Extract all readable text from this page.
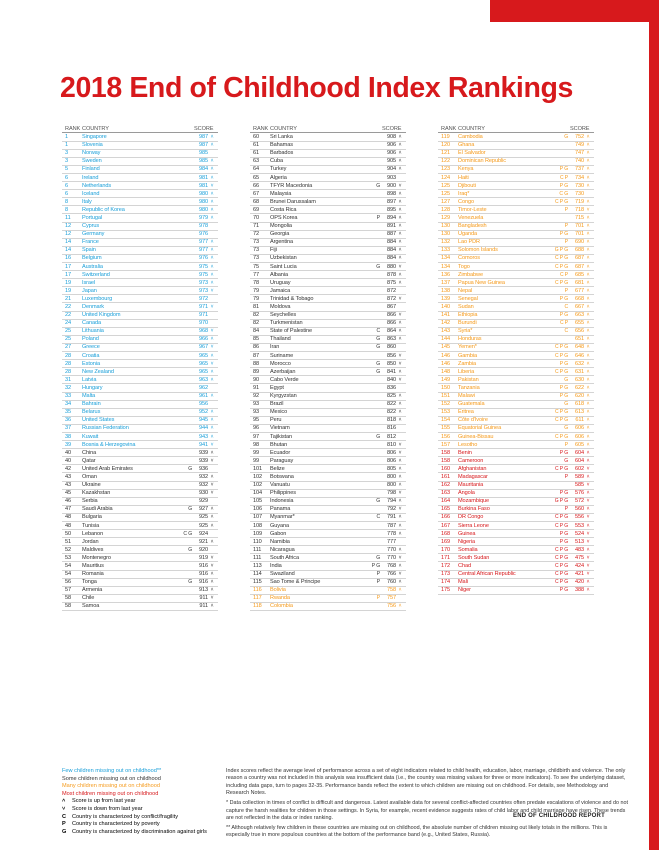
2018 End of Childhood Index Rankings
RANK COUNTRY	SCORE
1	Singapore	987 ˄
1	Slovenia	987 ˄
3	Norway	985
3	Sweden	985 ˄
5	Finland	984 ˄
6	Ireland	981 ˄
6	Netherlands	981 ˅
6	Iceland	980 ˄
8	Italy	980 ˄
8	Republic of Korea	980 ˄
11	Portugal	979 ˄
12	Cyprus	978
12	Germany	976
14	France	977 ˄
14	Spain	977 ˄
16	Belgium	976 ˄
17	Australia	975 ˄
17	Switzerland	975 ˄
19	Israel	973 ˄
19	Japan	973 ˅
21	Luxembourg	972
22	Denmark	971 ˅
22	United Kingdom	971
24	Canada	970
25	Lithuania	968 ˅
25	Poland	966 ˄
27	Greece	967 ˅
28	Croatia	965 ˄
28	Estonia	965 ˅
28	New Zealand	965 ˄
31	Latvia	963 ˄
32	Hungary	962
33	Malta	961 ˄
34	Bahrain	956
35	Belarus	952 ˄
36	United States	945 ˄
37	Russian Federation	944 ˄
38	Kuwait	943 ˄
39	Bosnia & Herzegovina	941 ˅
40	China	939 ˄
40	Qatar	939 ˅
42	United Arab Emirates	G	936
43	Oman	932 ˄
43	Ukraine	932 ˅
45	Kazakhstan	930 ˅
46	Serbia	929
47	Saudi Arabia	G	927 ˄
48	Bulgaria	925 ˄
48	Tunisia	925 ˄
50	Lebanon	C G	924
51	Jordan	921 ˄
52	Maldives	G	920
53	Montenegro	919 ˅
54	Mauritius	916 ˅
54	Romania	916 ˄
56	Tonga	G	916 ˄
57	Armenia	913 ˄
58	Chile	911 ˅
58	Samoa	911 ˄
RANK COUNTRY	SCORE
60	Sri Lanka	908 ˄
61	Bahamas	906 ˄
61	Barbados	906 ˄
63	Cuba	905 ˄
64	Turkey	904 ˄
65	Algeria	903
66	TFYR Macedonia	G	900 ˅
67	Malaysia	898 ˄
68	Brunei Darussalam	897 ˄
69	Costa Rica	895 ˄
70	OPS Korea	P	894 ˄
71	Mongolia	891 ˄
72	Georgia	887 ˄
73	Argentina	884 ˄
73	Fiji	884 ˄
73	Uzbekistan	884 ˄
75	Saint Lucia	G	880 ˅
77	Albania	878 ˄
78	Uruguay	875 ˄
79	Jamaica	872
79	Trinidad & Tobago	872 ˅
81	Moldova	867
82	Seychelles	866 ˅
82	Turkmenistan	866 ˄
84	State of Palestine	C	864 ˄
85	Thailand	G	863 ˄
86	Iran	G	860
87	Suriname	856 ˅
88	Morocco	G	850 ˅
89	Azerbaijan	G	841 ˄
90	Cabo Verde	840 ˅
91	Egypt	836
92	Kyrgyzstan	825 ˄
93	Brazil	822 ˄
93	Mexico	822 ˄
95	Peru	818 ˄
96	Vietnam	816
97	Tajikistan	G	812
98	Bhutan	810 ˅
99	Ecuador	806 ˅
99	Paraguay	806 ˄
101	Belize	805 ˄
102	Botswana	800 ˄
102	Vanuatu	800 ˄
104	Philippines	798 ˅
105	Indonesia	G	794 ˄
106	Panama	792 ˅
107	Myanmar*	C	791 ˄
108	Guyana	787 ˄
109	Gabon	778 ˄
110	Namibia	777
111	Nicaragua	770 ˄
111	South Africa	G	770 ˅
113	India	P G	768 ˄
114	Swaziland	P	766 ˅
115	Sao Tome & Principe	P	760 ˄
116	Bolivia	758 ˄
117	Rwanda	P	757
118	Colombia	756 ˄
RANK COUNTRY	SCORE
119	Cambodia	G	752 ˄
120	Ghana	749 ˄
121	El Salvador	747 ˄
122	Dominican Republic	740 ˄
123	Kenya	P G	737 ˄
124	Haiti	C P	734 ˄
125	Djibouti	P G	730 ˄
125	Iraq*	C G	730
127	Congo	C P G	719 ˄
128	Timor-Leste	P	718 ˅
129	Venezuela	715 ˄
130	Bangladesh	P	701 ˄
130	Uganda	P G	701 ˄
132	Lao PDR	P	690 ˄
133	Solomon Islands	G P G	688 ˄
134	Comoros	C P G	687 ˄
134	Togo	C P G	687 ˄
136	Zimbabwe	C P	685 ˄
137	Papua New Guinea	C P G	681 ˄
138	Nepal	P	677 ˄
139	Senegal	P G	668 ˄
140	Sudan	C	667 ˄
141	Ethiopia	P G	663 ˄
142	Burundi	C P	655 ˄
143	Syria*	C	656 ˄
144	Honduras	651 ˄
145	Yemen*	C P G	648 ˄
146	Gambia	C P G	646 ˄
146	Zambia	P G	632 ˄
148	Liberia	C P G	631 ˄
149	Pakistan	G	630 ˄
150	Tanzania	P G	622 ˄
151	Malawi	P G	620 ˄
152	Guatemala	G	618 ˄
153	Eritrea	C P G	613 ˄
154	Côte d'Ivoire	C P G	611 ˄
155	Equatorial Guinea	G	606 ˄
156	Guinea-Bissau	C P G	606 ˄
157	Lesotho	P	605 ˄
158	Benin	P G	604 ˄
158	Cameroon	G	604 ˄
160	Afghanistan	C P G	602 ˅
161	Madagascar	P	589 ˄
162	Mauritania	585 ˅
163	Angola	P G	576 ˄
164	Mozambique	G P G	572 ˅
165	Burkina Faso	P	560 ˄
166	DR Congo	C P G	556 ˅
167	Sierra Leone	C P G	553 ˄
168	Guinea	P G	524 ˅
169	Nigeria	P G	513 ˅
170	Somalia	C P G	483 ˄
171	South Sudan	C P G	475 ˅
172	Chad	C P G	424 ˅
173	Central African Republic	C P G	421 ˅
174	Mali	C P G	420 ˄
175	Niger	P G	388 ˄
Few children missing out on childhood**
Some children missing out on childhood
Many children missing out on childhood
Most children missing out on childhood
˄ Score is up from last year
˅ Score is down from last year
C Country is characterized by conflict/fragility
P Country is characterized by poverty
G Country is characterized by discrimination against girls

Index scores reflect the average level of performance across a set of eight indicators related to child health, education, labor, marriage, childbirth and violence. The only reason a country was not included in this analysis was insufficient data (i.e., the country was missing values for three or more indicators). To see the underlying dataset, including data gaps, turn to pages 32-35. Performance bands reflect the extent to which children are missing out on childhood. For details, see Methodology and Research Notes.

* Data collection in times of conflict is difficult and dangerous. Latest available data for several conflict-affected countries often predate escalations of violence and do not capture the harsh realities for children in those settings. In Syria, for example, recent evidence suggests rates of child labor and child marriage have risen. These trends are not reflected in the data or index ranking.

** Although relatively few children in these countries are missing out on childhood, the absolute number of children missing out likely totals in the millions. This is especially true in more populous countries at the bottom of the performance band (e.g., United States, Russia).

END OF CHILDHOOD REPORT
